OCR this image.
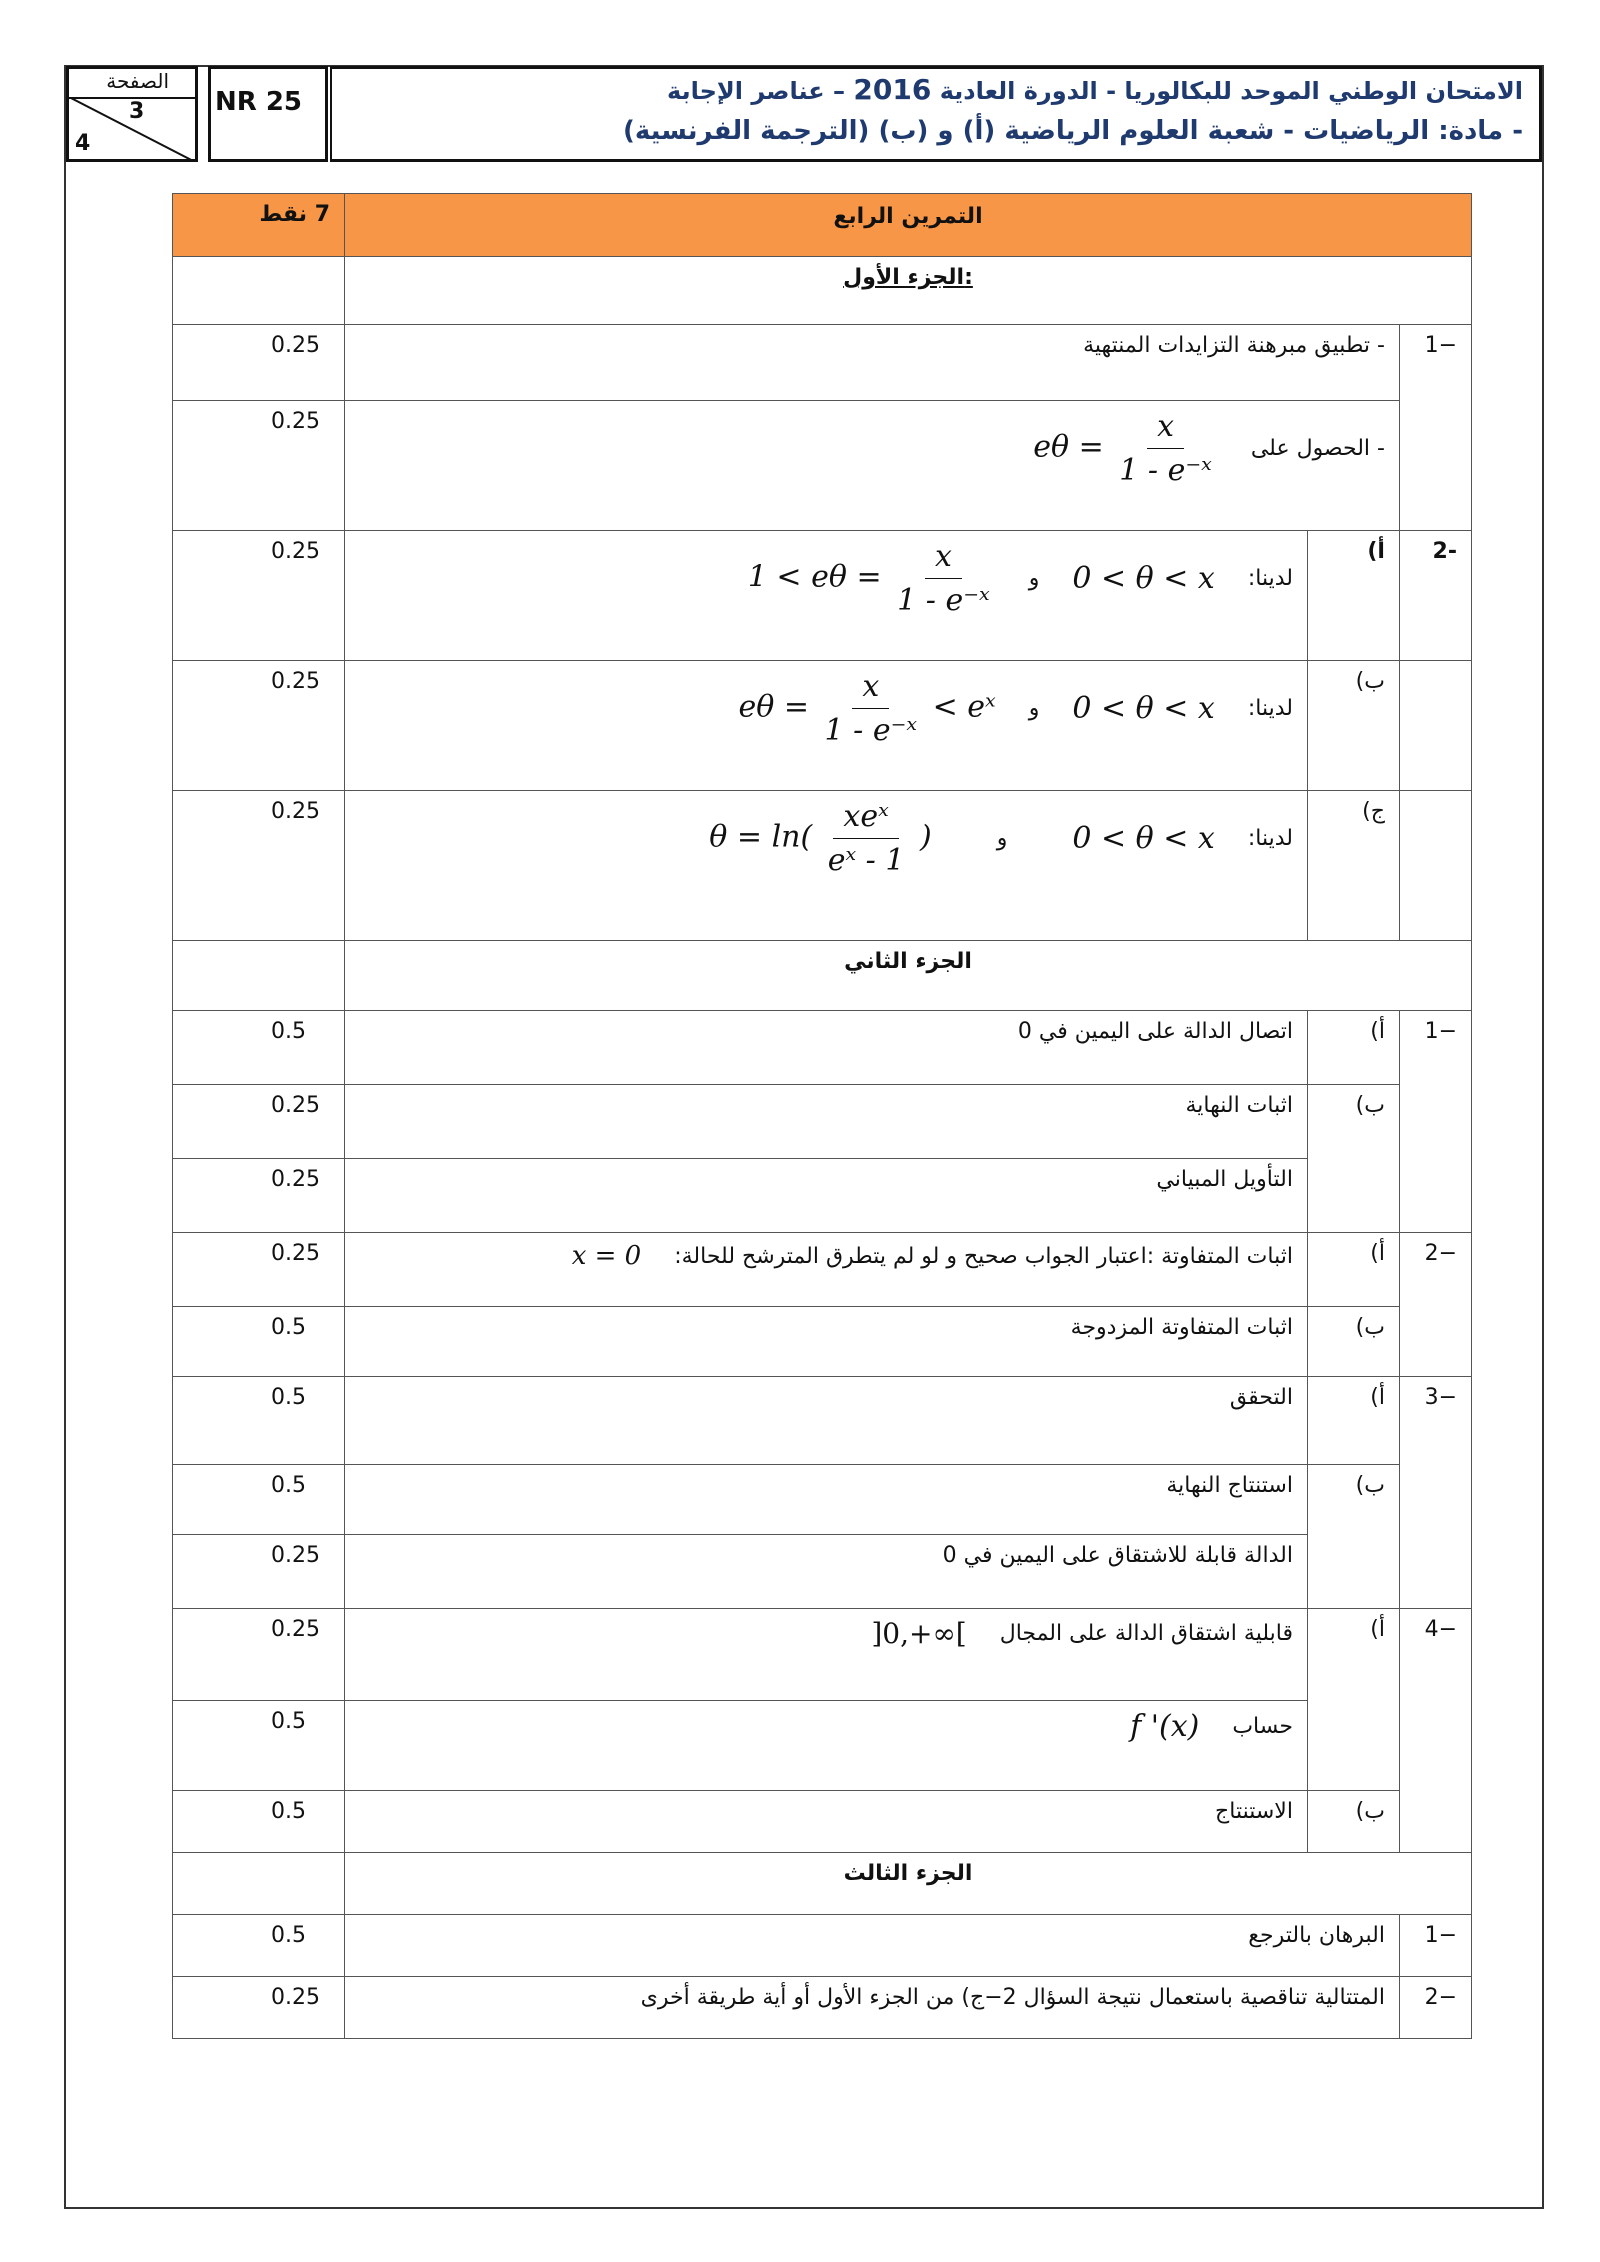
الصفحة
3
4
NR 25	الامتحان الوطني الموحد للبكالوريا - الدورة العادية 2016 – عناصر الإجابة
- مادة: الرياضيات - شعبة العلوم الرياضية (أ) و (ب) (الترجمة الفرنسية)
7 نقط	التمرين الرابع		
	الجزء الأول:		
0.25	- تطبيق مبرهنة التزايدات المنتهية		−1
0.25	- الحصول على $e\theta = \frac{x}{\text{1 - e⁻ˣ}}$

0.25	لدينا: 0 < θ < x و $1 < e\theta = \frac{x}{\text{1 - e⁻ˣ}}$	أ)	-2
0.25	لدينا: 0 < θ < x و $e\theta = \frac{x}{\text{1 - e⁻ˣ}}$ < eˣ	ب)	
0.25	لدينا: 0 < θ < x و $\theta = \ln( \frac{\text{xeˣ}}{\text{eˣ - 1}}$ )	ج)	
	الجزء الثاني		
0.5	اتصال الدالة على اليمين في 0	أ)	−1
0.25	اثبات النهاية	ب)	
0.25	التأويل المبياني		
0.25	اثبات المتفاوتة :اعتبار الجواب صحيح و لو لم يتطرق المترشح للحالة: x = 0	أ)	−2
0.5	اثبات المتفاوتة المزدوجة	ب)	
0.5	التحقق	أ)	−3
0.5	استنتاج النهاية	ب)	
0.25	الدالة قابلة للاشتقاق على اليمين في 0		
0.25	قابلية اشتقاق الدالة على المجال ]0,+∞[	أ)	−4
0.5	حساب f '(x)		
0.5	الاستنتاج	ب)	
	الجزء الثالث		
0.5	البرهان بالترجع		−1
0.25	المتتالية تناقصية باستعمال نتيجة السؤال 2−ج) من الجزء الأول أو أية طريقة أخرى		−2
